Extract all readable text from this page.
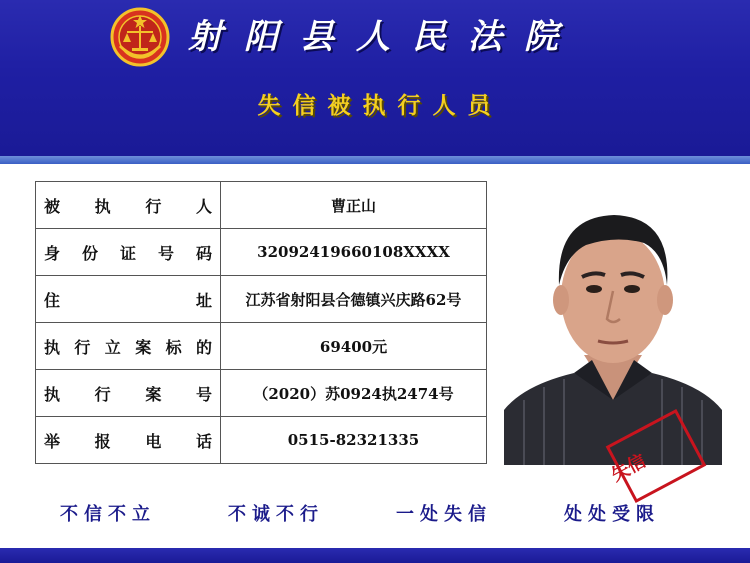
射阳县人民法院
失信被执行人员
被执行人	曹正山
身份证号码	32092419660108XXXX
住址	江苏省射阳县合德镇兴庆路62号
执行立案标的	69400元
执行案号	（2020）苏0924执2474号
举报电话	0515-82321335
失信
不信不立	不诚不行	一处失信	处处受限
